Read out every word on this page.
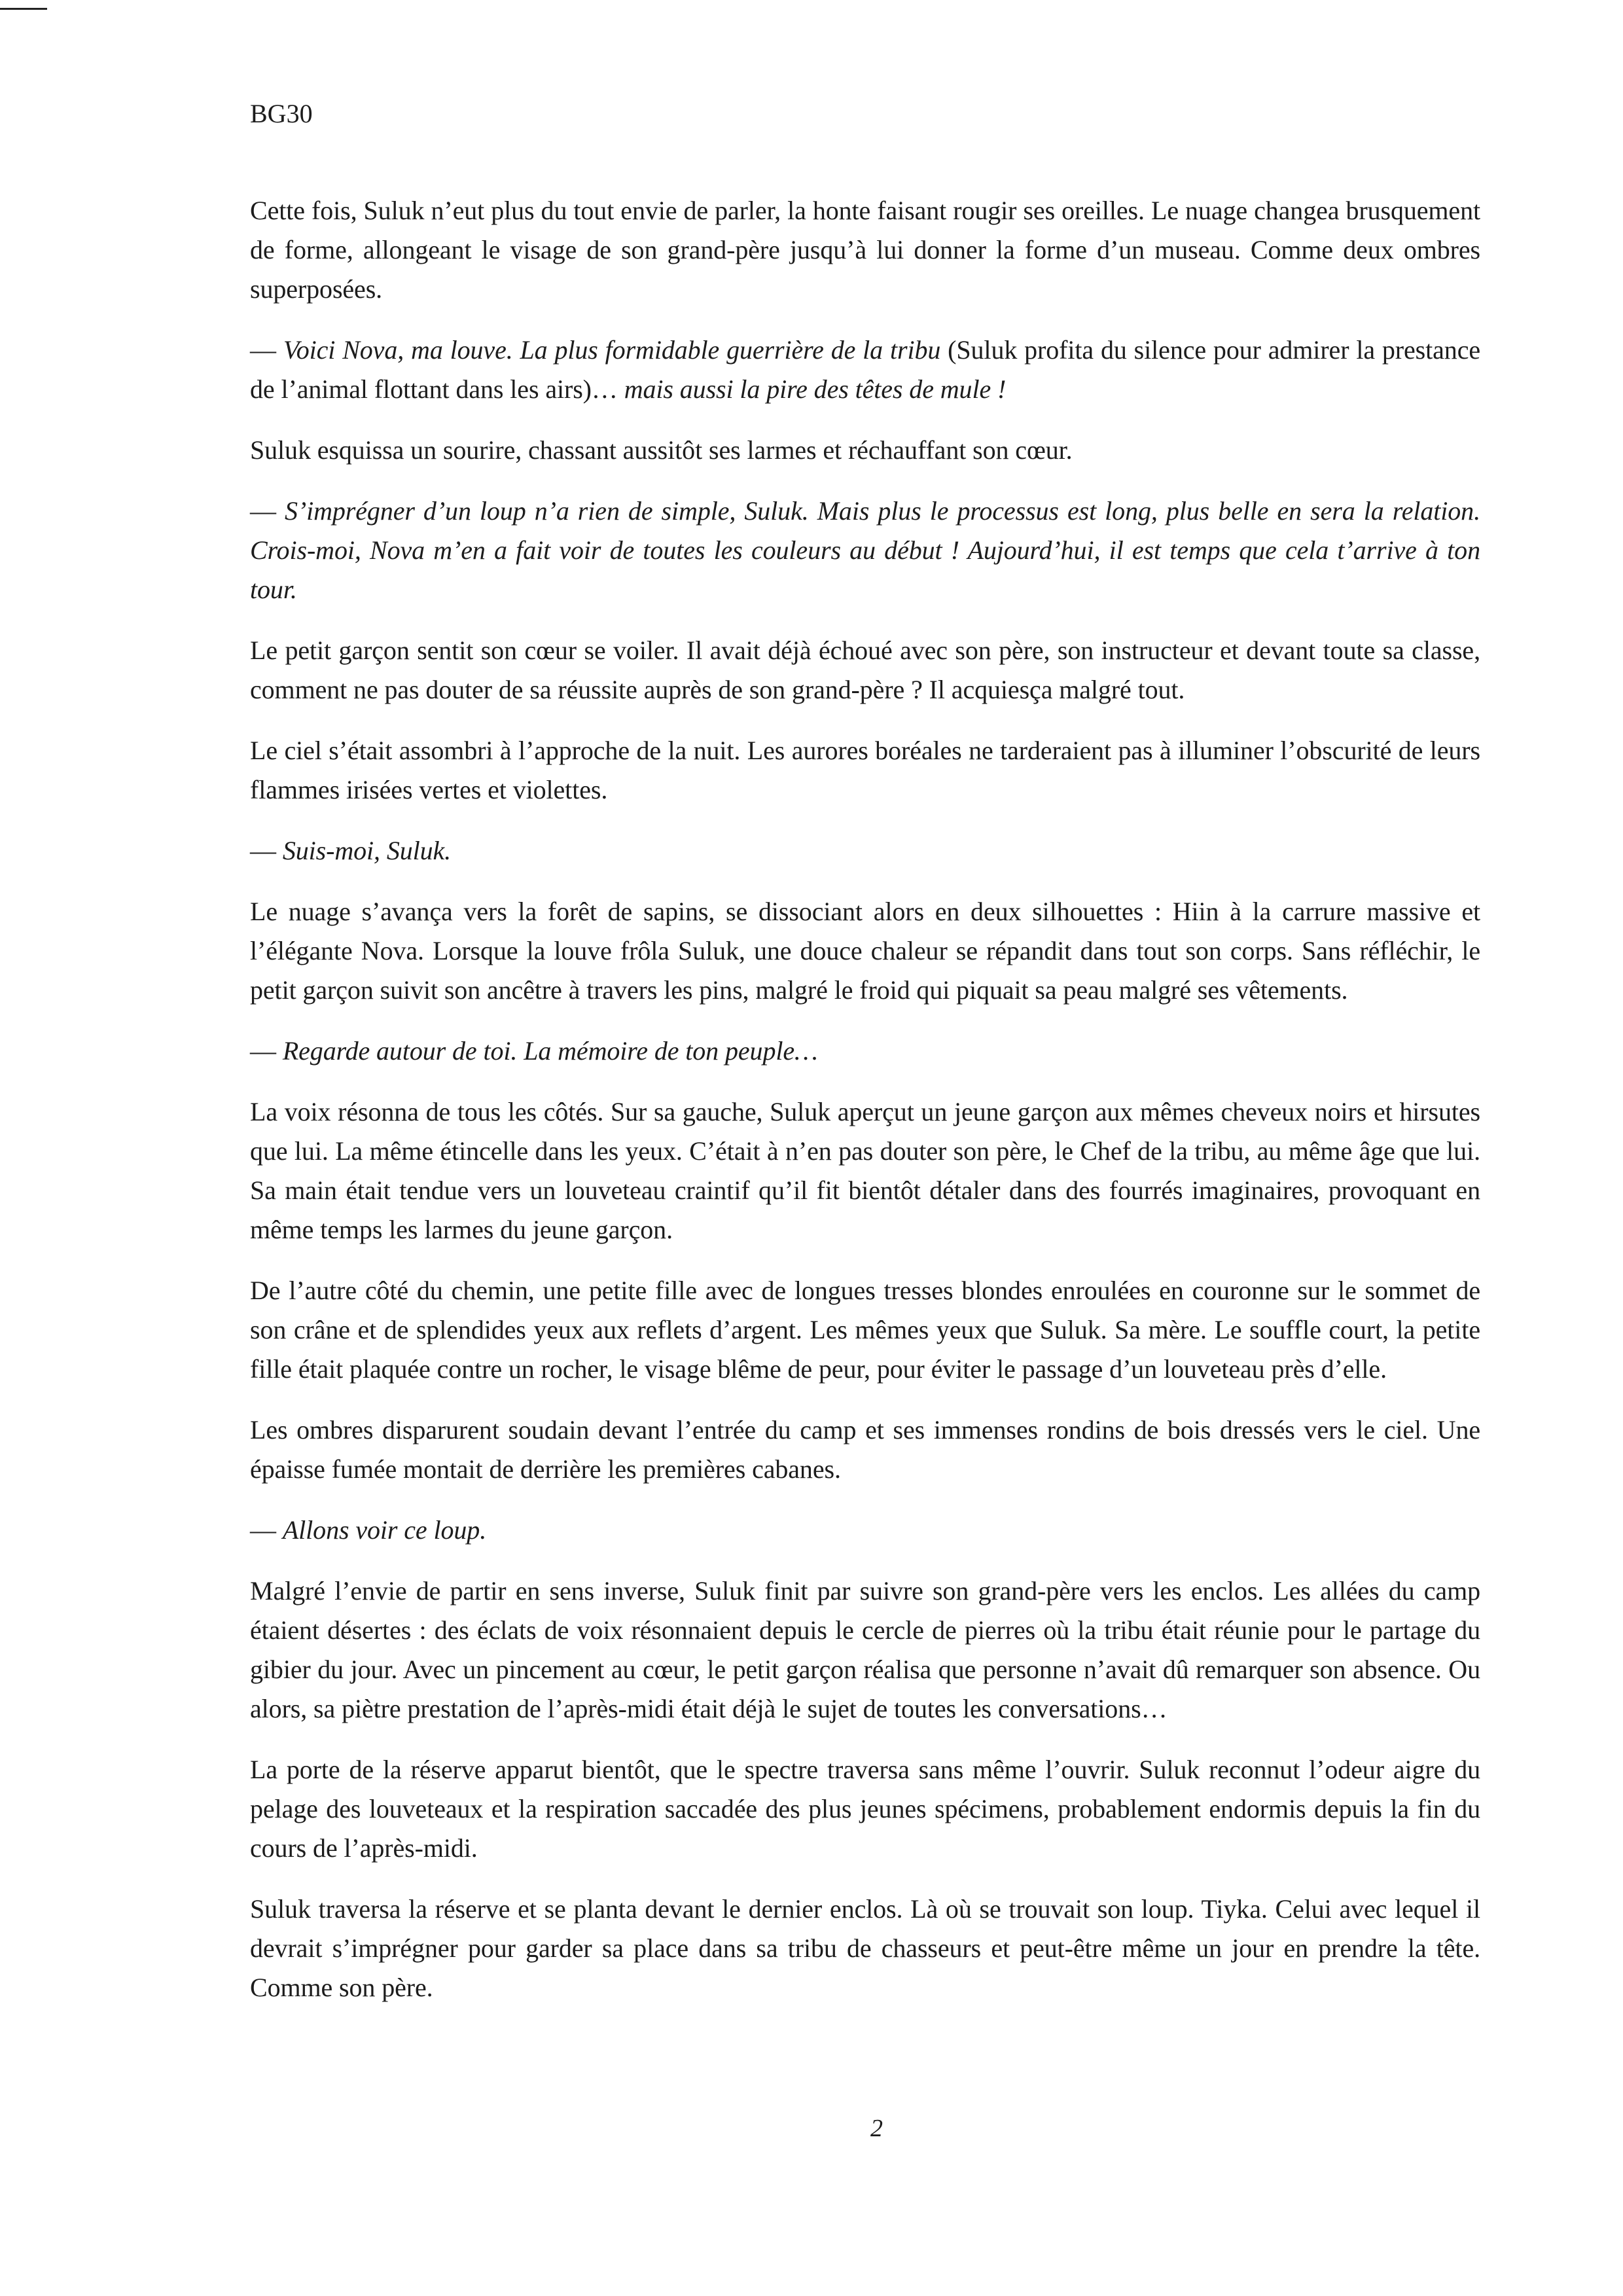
BG30

Cette fois, Suluk n’eut plus du tout envie de parler, la honte faisant rougir ses oreilles. Le nuage changea brusquement de forme, allongeant le visage de son grand-père jusqu’à lui donner la forme d’un museau. Comme deux ombres superposées.

— Voici Nova, ma louve. La plus formidable guerrière de la tribu (Suluk profita du silence pour admirer la prestance de l’animal flottant dans les airs)… mais aussi la pire des têtes de mule !

Suluk esquissa un sourire, chassant aussitôt ses larmes et réchauffant son cœur.

— S’imprégner d’un loup n’a rien de simple, Suluk. Mais plus le processus est long, plus belle en sera la relation. Crois-moi, Nova m’en a fait voir de toutes les couleurs au début ! Aujourd’hui, il est temps que cela t’arrive à ton tour.

Le petit garçon sentit son cœur se voiler. Il avait déjà échoué avec son père, son instructeur et devant toute sa classe, comment ne pas douter de sa réussite auprès de son grand-père ? Il acquiesça malgré tout.

Le ciel s’était assombri à l’approche de la nuit. Les aurores boréales ne tarderaient pas à illuminer l’obscurité de leurs flammes irisées vertes et violettes.

— Suis-moi, Suluk.

Le nuage s’avança vers la forêt de sapins, se dissociant alors en deux silhouettes : Hiin à la carrure massive et l’élégante Nova. Lorsque la louve frôla Suluk, une douce chaleur se répandit dans tout son corps. Sans réfléchir, le petit garçon suivit son ancêtre à travers les pins, malgré le froid qui piquait sa peau malgré ses vêtements.

— Regarde autour de toi. La mémoire de ton peuple…

La voix résonna de tous les côtés. Sur sa gauche, Suluk aperçut un jeune garçon aux mêmes cheveux noirs et hirsutes que lui. La même étincelle dans les yeux. C’était à n’en pas douter son père, le Chef de la tribu, au même âge que lui. Sa main était tendue vers un louveteau craintif qu’il fit bientôt détaler dans des fourrés imaginaires, provoquant en même temps les larmes du jeune garçon.

De l’autre côté du chemin, une petite fille avec de longues tresses blondes enroulées en couronne sur le sommet de son crâne et de splendides yeux aux reflets d’argent. Les mêmes yeux que Suluk. Sa mère. Le souffle court, la petite fille était plaquée contre un rocher, le visage blême de peur, pour éviter le passage d’un louveteau près d’elle.

Les ombres disparurent soudain devant l’entrée du camp et ses immenses rondins de bois dressés vers le ciel. Une épaisse fumée montait de derrière les premières cabanes.

— Allons voir ce loup.

Malgré l’envie de partir en sens inverse, Suluk finit par suivre son grand-père vers les enclos. Les allées du camp étaient désertes : des éclats de voix résonnaient depuis le cercle de pierres où la tribu était réunie pour le partage du gibier du jour. Avec un pincement au cœur, le petit garçon réalisa que personne n’avait dû remarquer son absence. Ou alors, sa piètre prestation de l’après-midi était déjà le sujet de toutes les conversations…

La porte de la réserve apparut bientôt, que le spectre traversa sans même l’ouvrir. Suluk reconnut l’odeur aigre du pelage des louveteaux et la respiration saccadée des plus jeunes spécimens, probablement endormis depuis la fin du cours de l’après-midi.

Suluk traversa la réserve et se planta devant le dernier enclos. Là où se trouvait son loup. Tiyka. Celui avec lequel il devrait s’imprégner pour garder sa place dans sa tribu de chasseurs et peut-être même un jour en prendre la tête. Comme son père.

2
